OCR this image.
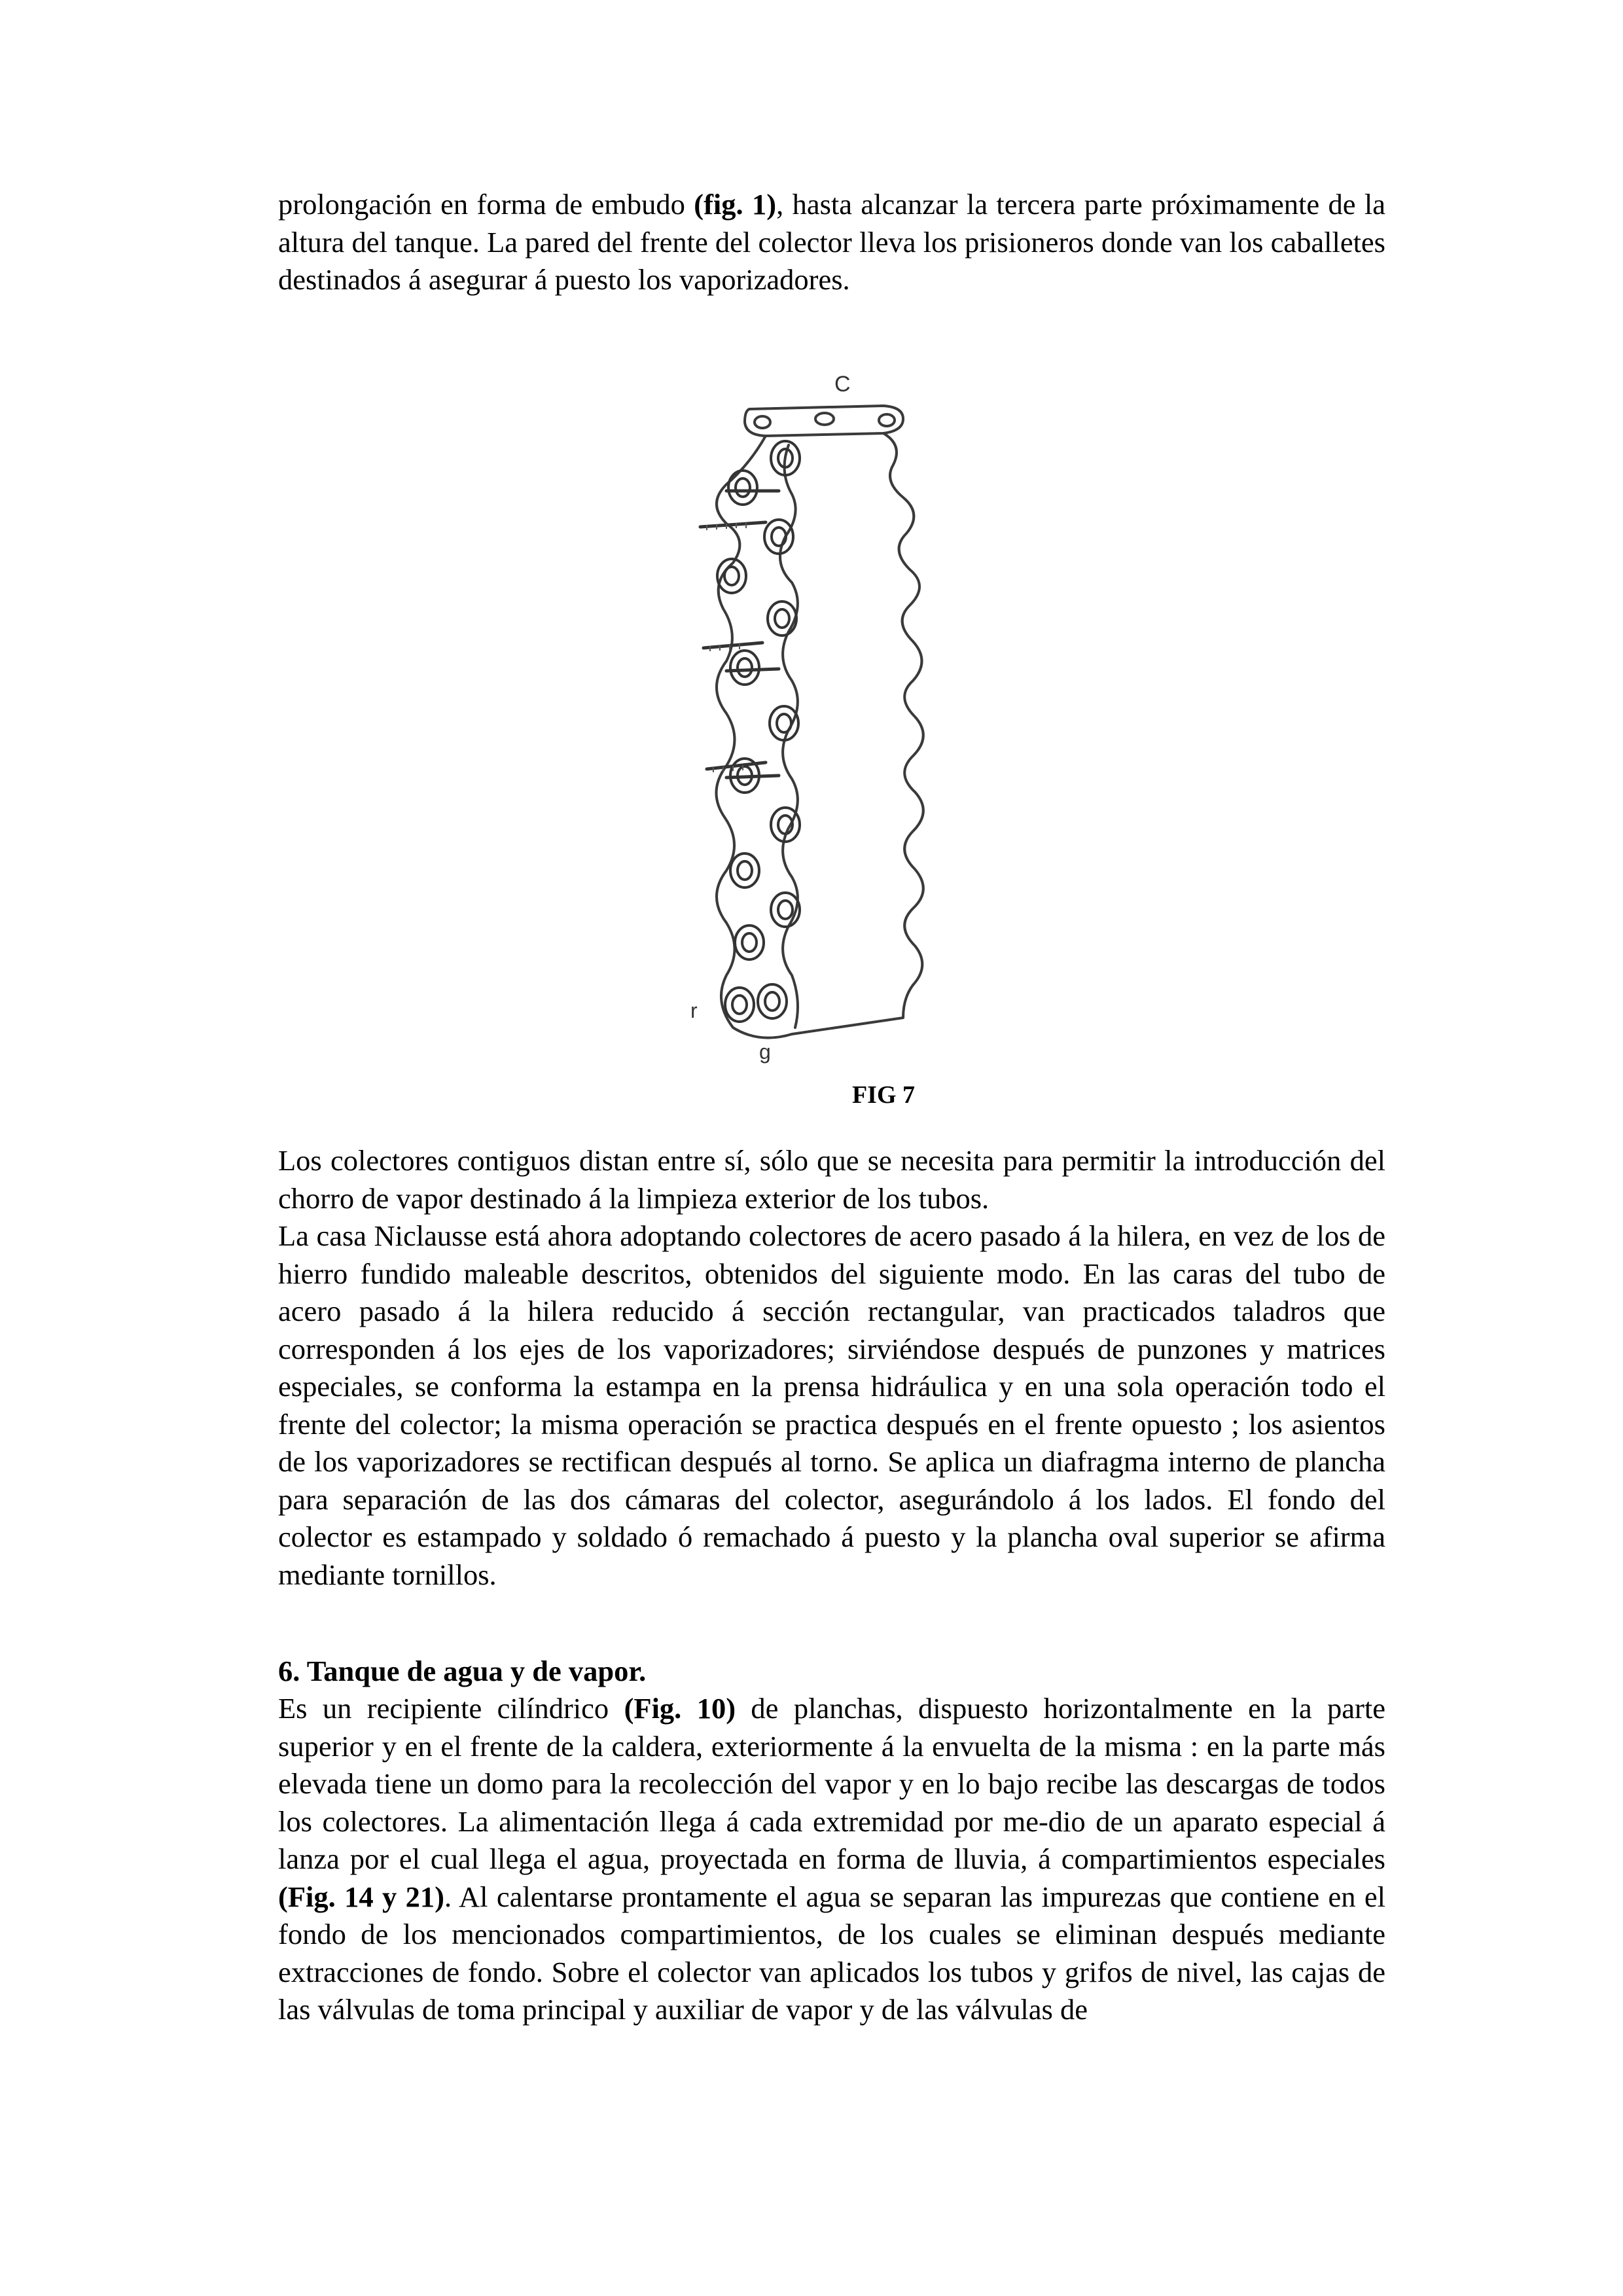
prolongación en forma de embudo (fig. 1), hasta alcanzar la tercera parte próximamente de la altura del tanque. La pared del frente del colector lleva los prisioneros donde van los caballetes destinados á asegurar á puesto los vaporizadores.

C
r
g
FIG 7

Los colectores contiguos distan entre sí, sólo que se necesita para permitir la introducción del chorro de vapor destinado á la limpieza exterior de los tubos.

La casa Niclausse está ahora adoptando colectores de acero pasado á la hilera, en vez de los de hierro fundido maleable descritos, obtenidos del siguiente modo. En las caras del tubo de acero pasado á la hilera reducido á sección rectangular, van practicados taladros que corresponden á los ejes de los vaporizadores; sirviéndose después de punzones y matrices especiales, se conforma la estampa en la prensa hidráulica y en una sola operación todo el frente del colector; la misma operación se practica después en el frente opuesto ; los asientos de los vaporizadores se rectifican después al torno. Se aplica un diafragma interno de plancha para separación de las dos cámaras del colector, asegurándolo á los lados. El fondo del colector es estampado y soldado ó remachado á puesto y la plancha oval superior se afirma mediante tornillos.

6. Tanque de agua y de vapor.

Es un recipiente cilíndrico (Fig. 10) de planchas, dispuesto horizontalmente en la parte superior y en el frente de la caldera, exteriormente á la envuelta de la misma : en la parte más elevada tiene un domo para la recolección del vapor y en lo bajo recibe las descargas de todos los colectores. La alimentación llega á cada extremidad por me-dio de un aparato especial á lanza por el cual llega el agua, proyectada en forma de lluvia, á compartimientos especiales (Fig. 14 y 21). Al calentarse prontamente el agua se separan las impurezas que contiene en el fondo de los mencionados compartimientos, de los cuales se eliminan después mediante extracciones de fondo. Sobre el colector van aplicados los tubos y grifos de nivel, las cajas de las válvulas de toma principal y auxiliar de vapor y de las válvulas de
